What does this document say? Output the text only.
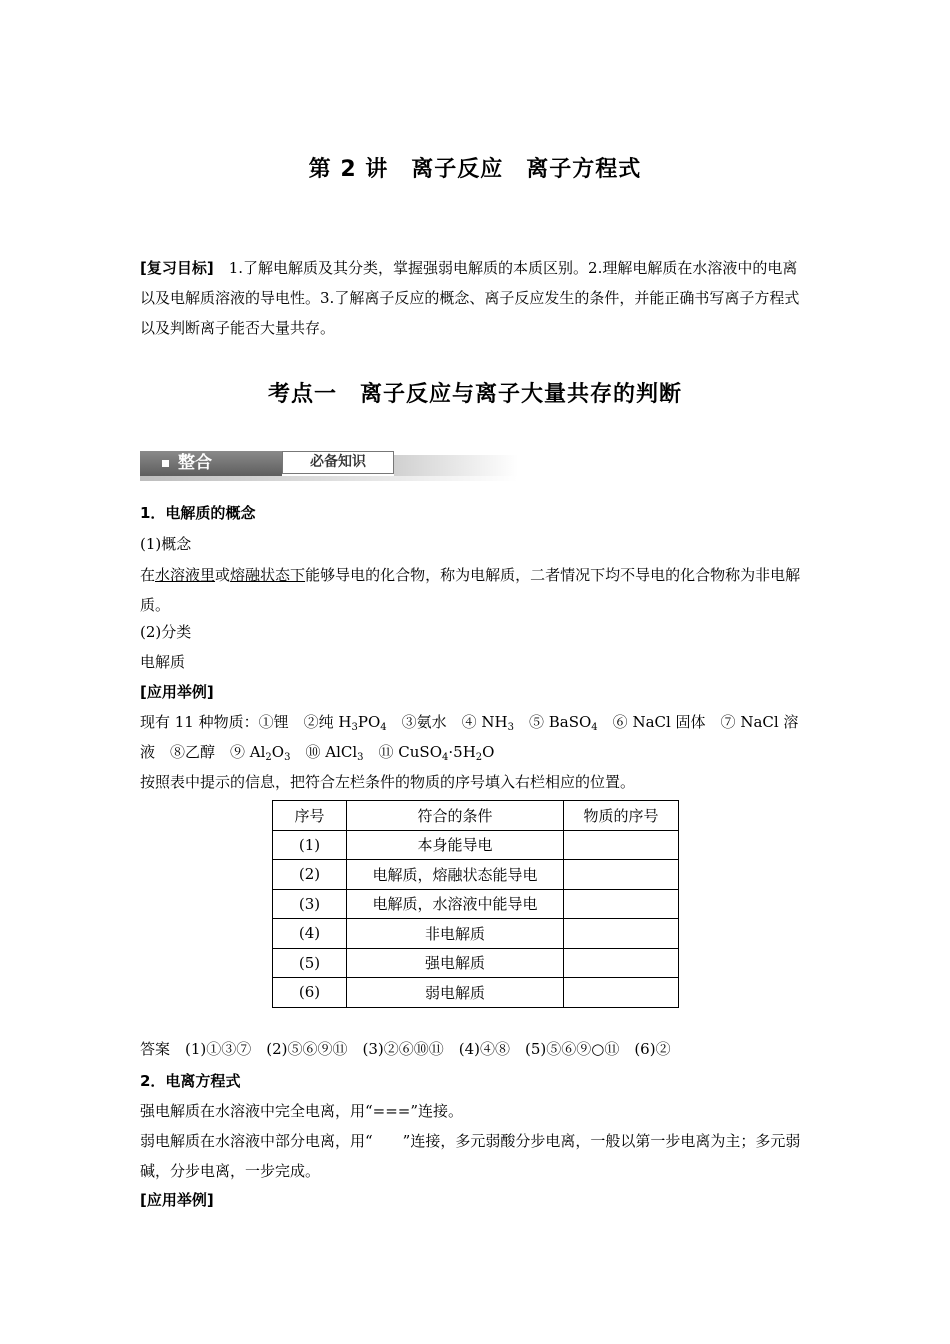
第 2 讲　离子反应　离子方程式
[复习目标]　1.了解电解质及其分类，掌握强弱电解质的本质区别。2.理解电解质在水溶液中的电离以及电解质溶液的导电性。3.了解离子反应的概念、离子反应发生的条件，并能正确书写离子方程式以及判断离子能否大量共存。
考点一　离子反应与离子大量共存的判断
整合	必备知识
1．电解质的概念
(1)概念
在水溶液里或熔融状态下能够导电的化合物，称为电解质，二者情况下均不导电的化合物称为非电解质。
(2)分类
电解质
[应用举例]
现有 11 种物质：①锂　②纯 $H_3PO_4$　③氨水　④ $NH_3$　⑤ BaSO$_4$　⑥ NaCl 固体　⑦ NaCl 溶
液　⑧乙醇　⑨ $Al_2O_3$　⑩ AlCl$_3$　⑪ $CuSO_4\cdot 5H_2O$
按照表中提示的信息，把符合左栏条件的物质的序号填入右栏相应的位置。
序号	符合的条件	物质的序号
(1)	本身能导电	
(2)	电解质，熔融状态能导电	
(3)	电解质，水溶液中能导电	
(4)	非电解质	
(5)	强电解质	
(6)	弱电解质	
答案　(1)①③⑦　(2)⑤⑥⑨⑪　(3)②⑥⑩⑪　(4)④⑧　(5)⑤⑥⑨○⑪　(6)②
2．电离方程式
强电解质在水溶液中完全电离，用“===”连接。
弱电解质在水溶液中部分电离，用“　　”连接，多元弱酸分步电离，一般以第一步电离为主；多元弱碱，分步电离，一步完成。
[应用举例]
